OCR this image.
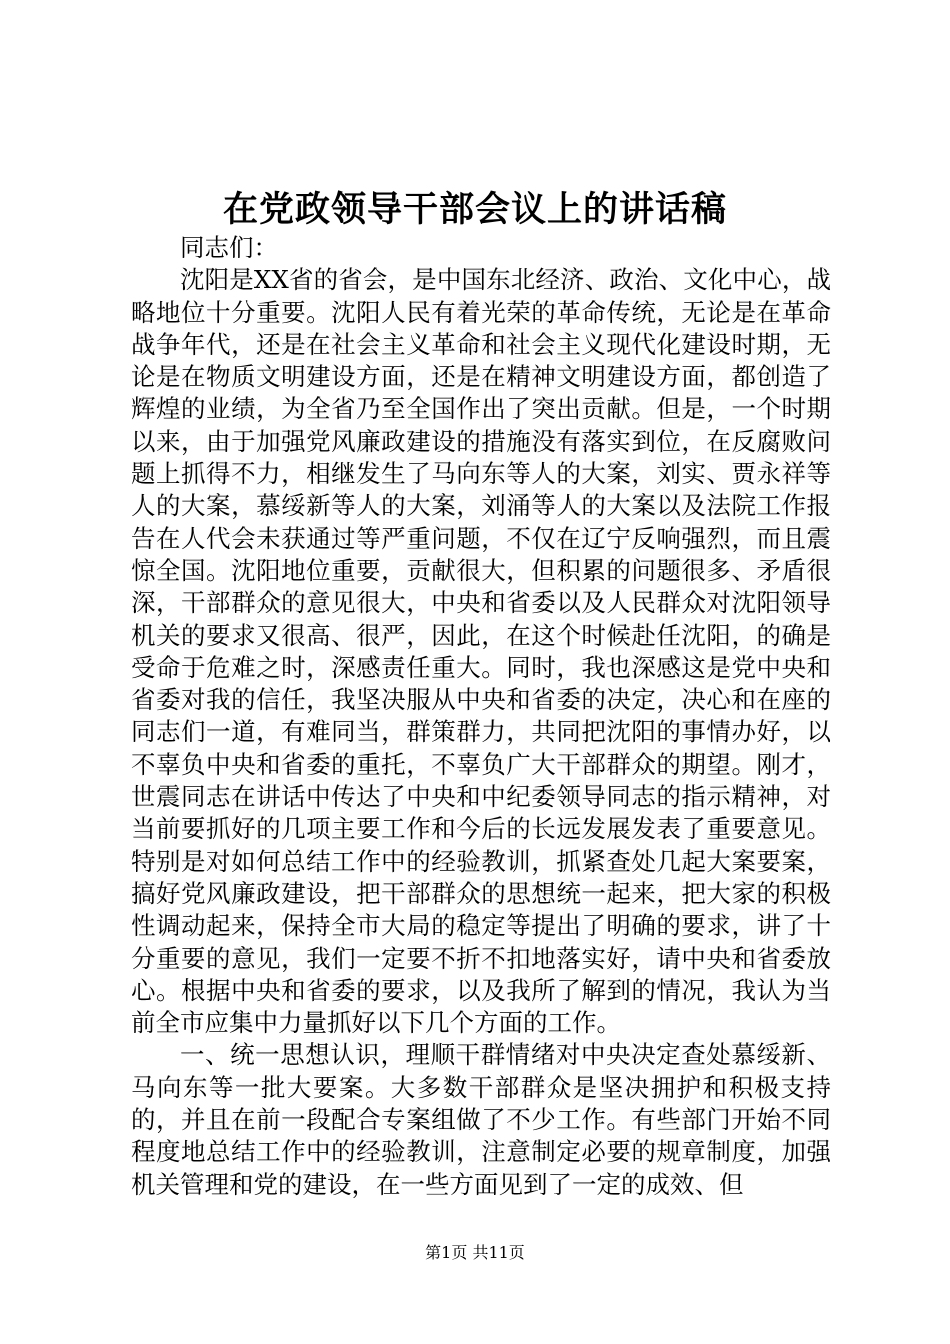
在党政领导干部会议上的讲话稿

同志们：

沈阳是XX省的省会，是中国东北经济、政治、文化中心，战略地位十分重要。沈阳人民有着光荣的革命传统，无论是在革命战争年代，还是在社会主义革命和社会主义现代化建设时期，无论是在物质文明建设方面，还是在精神文明建设方面，都创造了辉煌的业绩，为全省乃至全国作出了突出贡献。但是，一个时期以来，由于加强党风廉政建设的措施没有落实到位，在反腐败问题上抓得不力，相继发生了马向东等人的大案，刘实、贾永祥等人的大案，慕绥新等人的大案，刘涌等人的大案以及法院工作报告在人代会未获通过等严重问题，不仅在辽宁反响强烈，而且震惊全国。沈阳地位重要，贡献很大，但积累的问题很多、矛盾很深，干部群众的意见很大，中央和省委以及人民群众对沈阳领导机关的要求又很高、很严，因此，在这个时候赴任沈阳，的确是受命于危难之时，深感责任重大。同时，我也深感这是党中央和省委对我的信任，我坚决服从中央和省委的决定，决心和在座的同志们一道，有难同当，群策群力，共同把沈阳的事情办好，以不辜负中央和省委的重托，不辜负广大干部群众的期望。刚才，世震同志在讲话中传达了中央和中纪委领导同志的指示精神，对当前要抓好的几项主要工作和今后的长远发展发表了重要意见。特别是对如何总结工作中的经验教训，抓紧查处几起大案要案，搞好党风廉政建设，把干部群众的思想统一起来，把大家的积极性调动起来，保持全市大局的稳定等提出了明确的要求，讲了十分重要的意见，我们一定要不折不扣地落实好，请中央和省委放心。根据中央和省委的要求，以及我所了解到的情况，我认为当前全市应集中力量抓好以下几个方面的工作。

一、统一思想认识，理顺干群情绪对中央决定查处慕绥新、马向东等一批大要案。大多数干部群众是坚决拥护和积极支持的，并且在前一段配合专案组做了不少工作。有些部门开始不同程度地总结工作中的经验教训，注意制定必要的规章制度，加强机关管理和党的建设，在一些方面见到了一定的成效、但

第1页 共11页
